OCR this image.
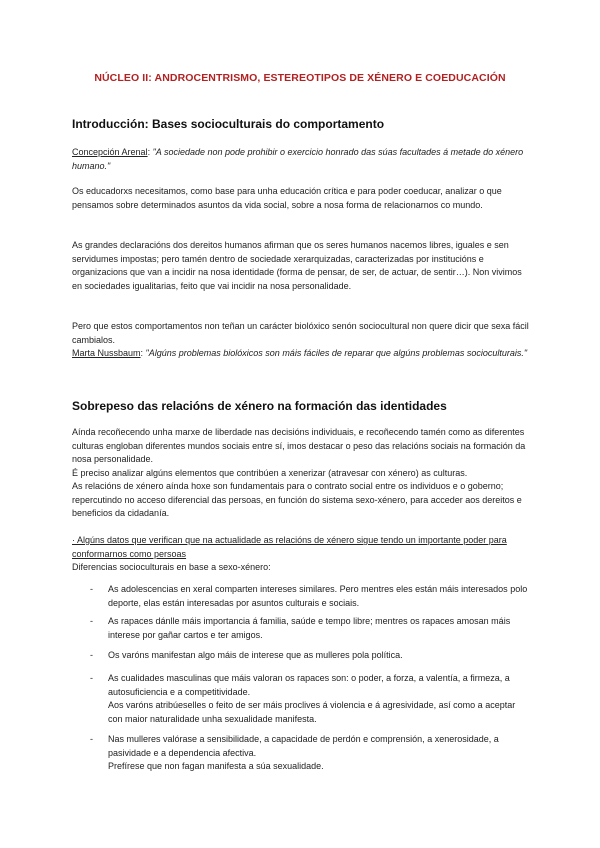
NÚCLEO II: ANDROCENTRISMO, ESTEREOTIPOS DE XÉNERO E COEDUCACIÓN
Introducción: Bases socioculturais do comportamento

Concepción Arenal: "A sociedade non pode prohibir o exercicio honrado das súas facultades á metade do xénero humano."

Os educadorxs necesitamos, como base para unha educación crítica e para poder coeducar, analizar o que pensamos sobre determinados asuntos da vida social, sobre a nosa forma de relacionarnos co mundo.

As grandes declaracións dos dereitos humanos afirman que os seres humanos nacemos libres, iguales e sen servidumes impostas; pero tamén dentro de sociedade xerarquizadas, caracterizadas por institucións e organizacions que van a incidir na nosa identidade (forma de pensar, de ser, de actuar, de sentir…). Non vivimos en sociedades igualitarias, feito que vai incidir na nosa personalidade.

Pero que estos comportamentos non teñan un carácter biolóxico senón sociocultural non quere dicir que sexa fácil cambialos.

Marta Nussbaum: "Algúns problemas biolóxicos son máis fáciles de reparar que algúns problemas socioculturais."

Sobrepeso das relacións de xénero na formación das identidades

Aínda recoñecendo unha marxe de liberdade nas decisións individuais, e recoñecendo tamén como as diferentes culturas engloban diferentes mundos sociais entre sí, imos destacar o peso das relacións sociais na formación da nosa personalidade.

É preciso analizar algúns elementos que contribúen a xenerizar (atravesar con xénero) as culturas.

As relacións de xénero aínda hoxe son fundamentais para o contrato social entre os individuos e o goberno; repercutindo no acceso diferencial das persoas, en función do sistema sexo-xénero, para acceder aos dereitos e beneficios da cidadanía.

· Algúns datos que verifican que na actualidade as relacións de xénero sigue tendo un importante poder para conformarnos como persoas

Diferencias socioculturais en base a sexo-xénero:

- As adolescencias en xeral comparten intereses similares. Pero mentres eles están máis interesados polo deporte, elas están interesadas por asuntos culturais e sociais.
- As rapaces dánlle máis importancia á familia, saúde e tempo libre; mentres os rapaces amosan máis interese por gañar cartos e ter amigos.
- Os varóns manifestan algo máis de interese que as mulleres pola política.
- As cualidades masculinas que máis valoran os rapaces son: o poder, a forza, a valentía, a firmeza, a autosuficiencia e a competitividade.
Aos varóns atribúeselles o feito de ser máis proclives á violencia e á agresividade, así como a aceptar con maior naturalidade unha sexualidade manifesta.
- Nas mulleres valórase a sensibilidade, a capacidade de perdón e comprensión, a xenerosidade, a pasividade e a dependencia afectiva.
Prefírese que non fagan manifesta a súa sexualidade.
